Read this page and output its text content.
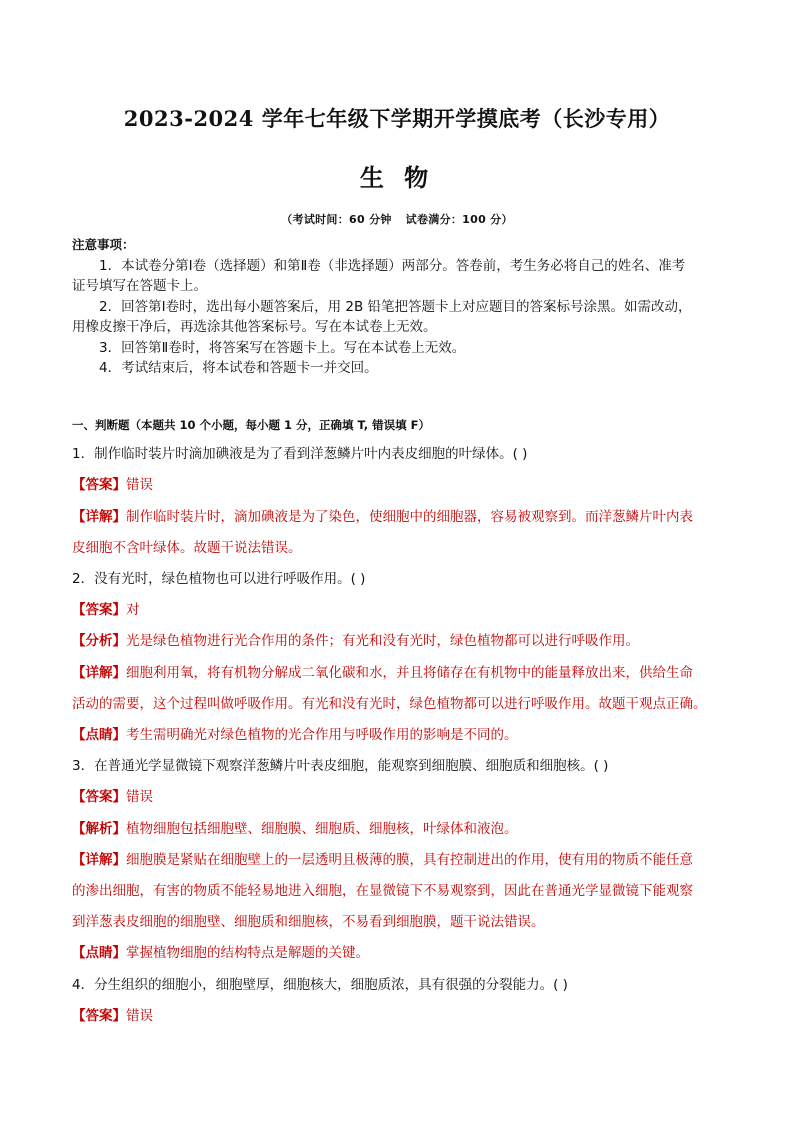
2023-2024 学年七年级下学期开学摸底考（长沙专用）
生 物
（考试时间：60 分钟 试卷满分：100 分）
注意事项：
1．本试卷分第Ⅰ卷（选择题）和第Ⅱ卷（非选择题）两部分。答卷前，考生务必将自己的姓名、准考
证号填写在答题卡上。
2．回答第Ⅰ卷时，选出每小题答案后，用 2B 铅笔把答题卡上对应题目的答案标号涂黑。如需改动，
用橡皮擦干净后，再选涂其他答案标号。写在本试卷上无效。
3．回答第Ⅱ卷时，将答案写在答题卡上。写在本试卷上无效。
4．考试结束后，将本试卷和答题卡一并交回。
一、判断题（本题共 10 个小题，每小题 1 分，正确填 T, 错误填 F）
1．制作临时装片时滴加碘液是为了看到洋葱鳞片叶内表皮细胞的叶绿体。( )
【答案】错误
【详解】制作临时装片时，滴加碘液是为了染色，使细胞中的细胞器，容易被观察到。而洋葱鳞片叶内表
皮细胞不含叶绿体。故题干说法错误。
2．没有光时，绿色植物也可以进行呼吸作用。( )
【答案】对
【分析】光是绿色植物进行光合作用的条件；有光和没有光时，绿色植物都可以进行呼吸作用。
【详解】细胞利用氧，将有机物分解成二氧化碳和水，并且将储存在有机物中的能量释放出来，供给生命
活动的需要，这个过程叫做呼吸作用。有光和没有光时，绿色植物都可以进行呼吸作用。故题干观点正确。
【点睛】考生需明确光对绿色植物的光合作用与呼吸作用的影响是不同的。
3．在普通光学显微镜下观察洋葱鳞片叶表皮细胞，能观察到细胞膜、细胞质和细胞核。( )
【答案】错误
【解析】植物细胞包括细胞壁、细胞膜、细胞质、细胞核，叶绿体和液泡。
【详解】细胞膜是紧贴在细胞壁上的一层透明且极薄的膜，具有控制进出的作用，使有用的物质不能任意
的渗出细胞，有害的物质不能轻易地进入细胞，在显微镜下不易观察到，因此在普通光学显微镜下能观察
到洋葱表皮细胞的细胞壁、细胞质和细胞核，不易看到细胞膜，题干说法错误。
【点睛】掌握植物细胞的结构特点是解题的关键。
4．分生组织的细胞小，细胞壁厚，细胞核大，细胞质浓，具有很强的分裂能力。( )
【答案】错误
